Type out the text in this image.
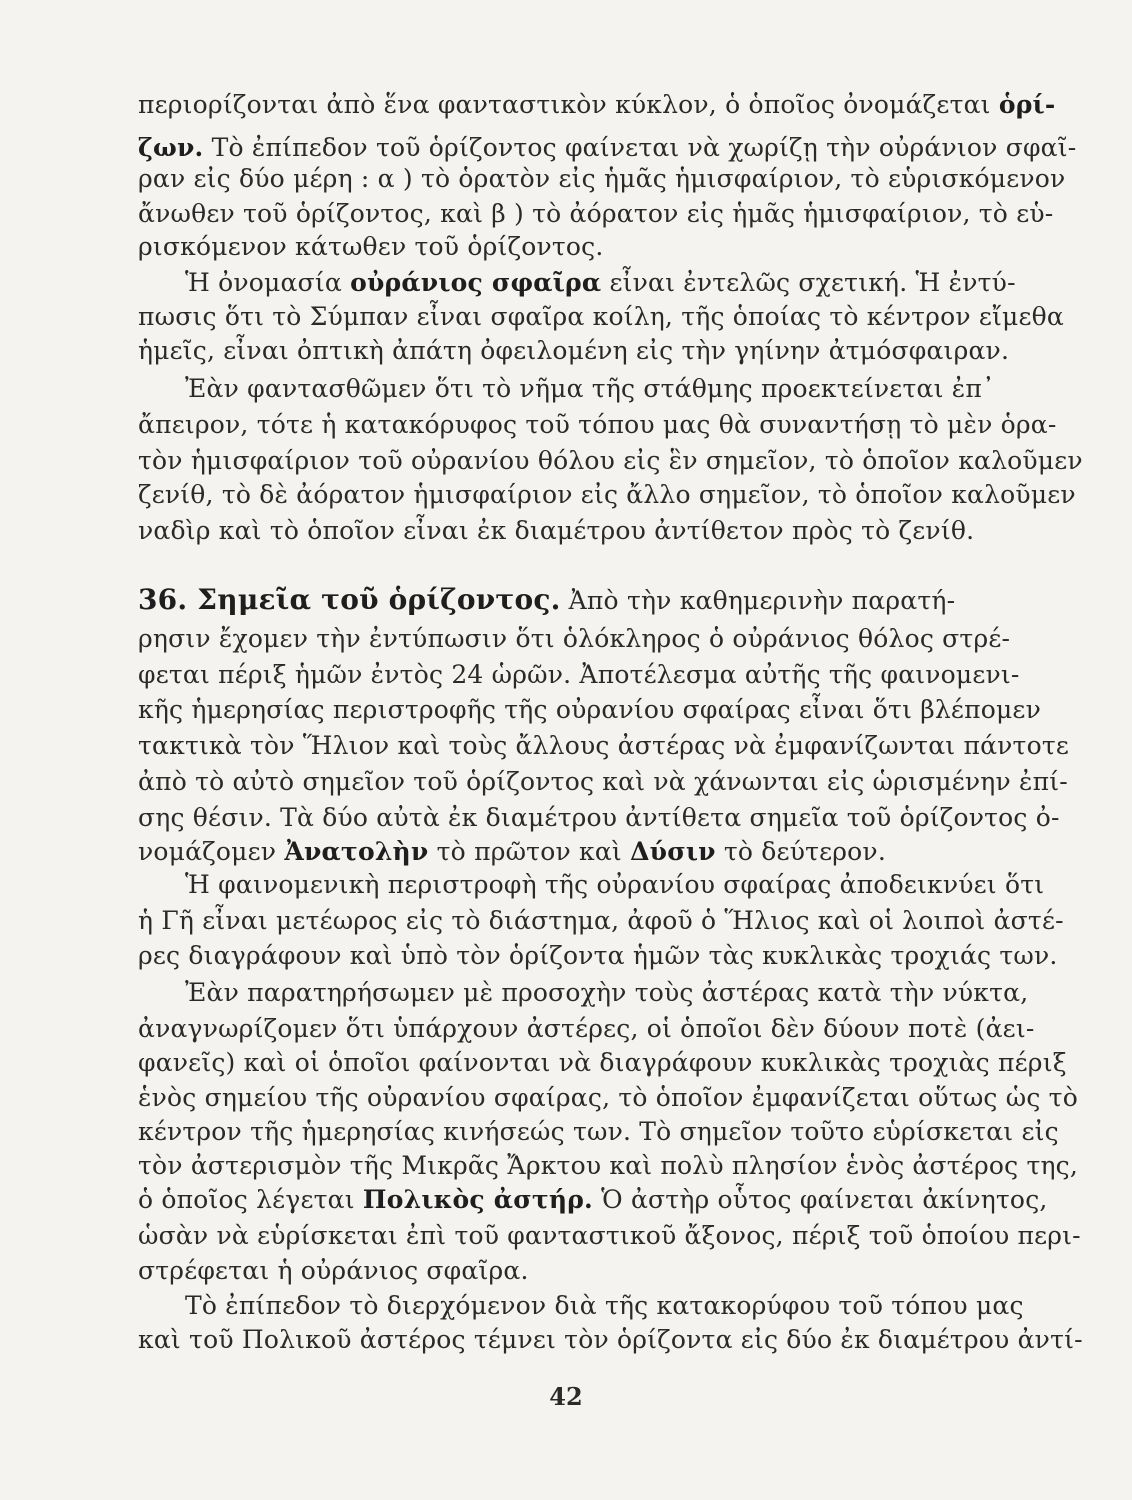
περιορίζονται ἀπὸ ἕνα φανταστικὸν κύκλον, ὁ ὁποῖος ὀνομάζεται ὁρί-
ζων. Τὸ ἐπίπεδον τοῦ ὁρίζοντος φαίνεται νὰ χωρίζῃ τὴν οὐράνιον σφαῖ-
ραν εἰς δύο μέρη : α ) τὸ ὁρατὸν εἰς ἡμᾶς ἡμισφαίριον, τὸ εὑρισκόμενον
ἄνωθεν τοῦ ὁρίζοντος, καὶ β ) τὸ ἀόρατον εἰς ἡμᾶς ἡμισφαίριον, τὸ εὑ-
ρισκόμενον κάτωθεν τοῦ ὁρίζοντος.
Ἡ ὀνομασία οὐράνιος σφαῖρα εἶναι ἐντελῶς σχετική. Ἡ ἐντύ-
πωσις ὅτι τὸ Σύμπαν εἶναι σφαῖρα κοίλη, τῆς ὁποίας τὸ κέντρον εἴμεθα
ἡμεῖς, εἶναι ὀπτικὴ ἀπάτη ὀφειλομένη εἰς τὴν γηίνην ἀτμόσφαιραν.
Ἐὰν φαντασθῶμεν ὅτι τὸ νῆμα τῆς στάθμης προεκτείνεται ἐπ᾿
ἄπειρον, τότε ἡ κατακόρυφος τοῦ τόπου μας θὰ συναντήσῃ τὸ μὲν ὁρα-
τὸν ἡμισφαίριον τοῦ οὐρανίου θόλου εἰς ἓν σημεῖον, τὸ ὁποῖον καλοῦμεν
ζενίθ, τὸ δὲ ἀόρατον ἡμισφαίριον εἰς ἄλλο σημεῖον, τὸ ὁποῖον καλοῦμεν
ναδὶρ καὶ τὸ ὁποῖον εἶναι ἐκ διαμέτρου ἀντίθετον πρὸς τὸ ζενίθ.
36. Σημεῖα τοῦ ὁρίζοντος. Ἀπὸ τὴν καθημερινὴν παρατή-
ρησιν ἔχομεν τὴν ἐντύπωσιν ὅτι ὁλόκληρος ὁ οὐράνιος θόλος στρέ-
φεται πέριξ ἡμῶν ἐντὸς 24 ὡρῶν. Ἀποτέλεσμα αὐτῆς τῆς φαινομενι-
κῆς ἡμερησίας περιστροφῆς τῆς οὐρανίου σφαίρας εἶναι ὅτι βλέπομεν
τακτικὰ τὸν Ἥλιον καὶ τοὺς ἄλλους ἀστέρας νὰ ἐμφανίζωνται πάντοτε
ἀπὸ τὸ αὐτὸ σημεῖον τοῦ ὁρίζοντος καὶ νὰ χάνωνται εἰς ὡρισμένην ἐπί-
σης θέσιν. Τὰ δύο αὐτὰ ἐκ διαμέτρου ἀντίθετα σημεῖα τοῦ ὁρίζοντος ὀ-
νομάζομεν Ἀνατολὴν τὸ πρῶτον καὶ Δύσιν τὸ δεύτερον.
Ἡ φαινομενικὴ περιστροφὴ τῆς οὐρανίου σφαίρας ἀποδεικνύει ὅτι
ἡ Γῆ εἶναι μετέωρος εἰς τὸ διάστημα, ἀφοῦ ὁ Ἥλιος καὶ οἱ λοιποὶ ἀστέ-
ρες διαγράφουν καὶ ὑπὸ τὸν ὁρίζοντα ἡμῶν τὰς κυκλικὰς τροχιάς των.
Ἐὰν παρατηρήσωμεν μὲ προσοχὴν τοὺς ἀστέρας κατὰ τὴν νύκτα,
ἀναγνωρίζομεν ὅτι ὑπάρχουν ἀστέρες, οἱ ὁποῖοι δὲν δύουν ποτὲ (ἀει-
φανεῖς) καὶ οἱ ὁποῖοι φαίνονται νὰ διαγράφουν κυκλικὰς τροχιὰς πέριξ
ἑνὸς σημείου τῆς οὐρανίου σφαίρας, τὸ ὁποῖον ἐμφανίζεται οὕτως ὡς τὸ
κέντρον τῆς ἡμερησίας κινήσεώς των. Τὸ σημεῖον τοῦτο εὑρίσκεται εἰς
τὸν ἀστερισμὸν τῆς Μικρᾶς Ἄρκτου καὶ πολὺ πλησίον ἑνὸς ἀστέρος της,
ὁ ὁποῖος λέγεται Πολικὸς ἀστήρ. Ὁ ἀστὴρ οὗτος φαίνεται ἀκίνητος,
ὡσὰν νὰ εὑρίσκεται ἐπὶ τοῦ φανταστικοῦ ἄξονος, πέριξ τοῦ ὁποίου περι-
στρέφεται ἡ οὐράνιος σφαῖρα.
Τὸ ἐπίπεδον τὸ διερχόμενον διὰ τῆς κατακορύφου τοῦ τόπου μας
καὶ τοῦ Πολικοῦ ἀστέρος τέμνει τὸν ὁρίζοντα εἰς δύο ἐκ διαμέτρου ἀντί-
42
